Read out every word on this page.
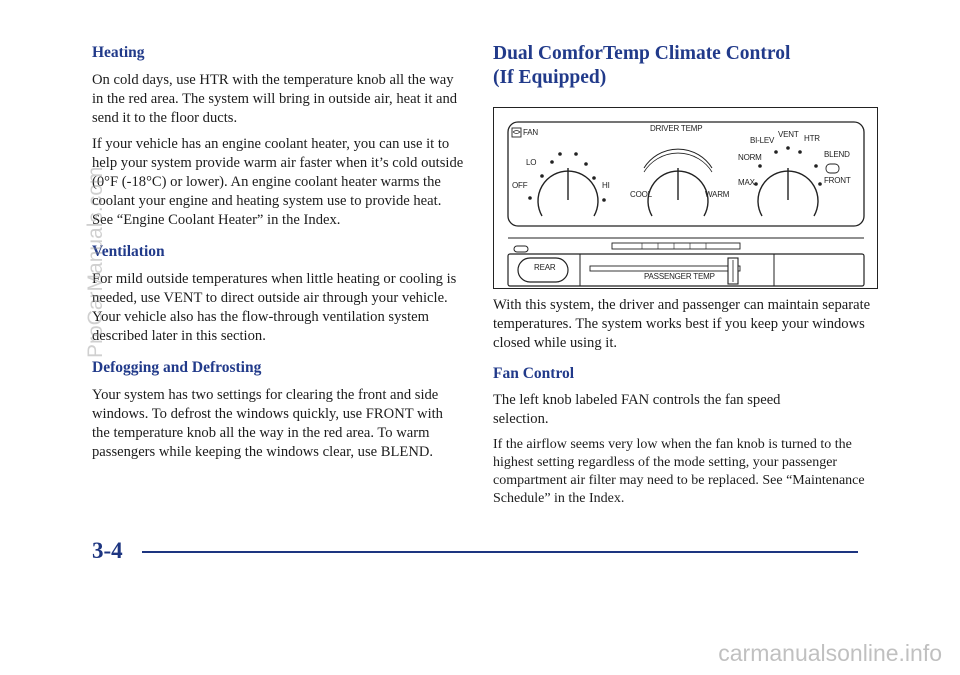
Heating

On cold days, use HTR with the temperature knob all the way in the red area. The system will bring in outside air, heat it and send it to the floor ducts.

If your vehicle has an engine coolant heater, you can use it to help your system provide warm air faster when it’s cold outside (0°F (-18°C) or lower). An engine coolant heater warms the coolant your engine and heating system use to provide heat. See “Engine Coolant Heater” in the Index.

Ventilation

For mild outside temperatures when little heating or cooling is needed, use VENT to direct outside air through your vehicle. Your vehicle also has the flow-through ventilation system described later in this section.

Defogging and Defrosting

Your system has two settings for clearing the front and side windows. To defrost the windows quickly, use FRONT with the temperature knob all the way in the red area. To warm passengers while keeping the windows clear, use BLEND.

Dual ComforTemp Climate Control
(If Equipped)
FAN
LO
OFF	HI
DRIVER TEMP
COOL	WARM
BI-LEV
VENT HTR
NORM	BLEND
MAX	FRONT
REAR
PASSENGER TEMP

With this system, the driver and passenger can maintain separate temperatures. The system works best if you keep your windows closed while using it.

Fan Control

The left knob labeled FAN controls the fan speed selection.

If the airflow seems very low when the fan knob is turned to the highest setting regardless of the mode setting, your passenger compartment air filter may need to be replaced. See “Maintenance Schedule” in the Index.

3-4
ProCarManuals.com
carmanualsonline.info
